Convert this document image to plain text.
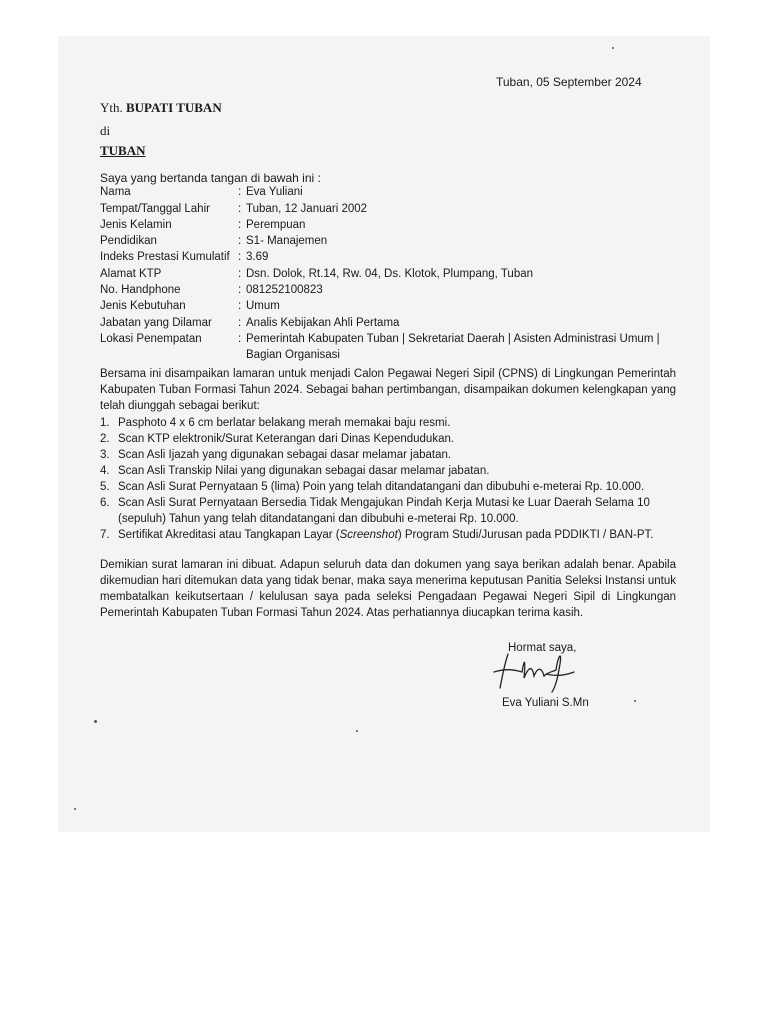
Tuban, 05 September 2024

Yth. BUPATI TUBAN

di

TUBAN

Saya yang bertanda tangan di bawah ini :

Nama	: Eva Yuliani
Tempat/Tanggal Lahir : Tuban, 12 Januari 2002
Jenis Kelamin	: Perempuan
Pendidikan	: S1- Manajemen
Indeks Prestasi Kumulatif : 3.69
Alamat KTP	: Dsn. Dolok, Rt.14, Rw. 04, Ds. Klotok, Plumpang, Tuban
No. Handphone	: 081252100823
Jenis Kebutuhan	: Umum
Jabatan yang Dilamar : Analis Kebijakan Ahli Pertama
Lokasi Penempatan	: Pemerintah Kabupaten Tuban | Sekretariat Daerah | Asisten Administrasi Umum |
Bagian Organisasi
Bersama ini disampaikan lamaran untuk menjadi Calon Pegawai Negeri Sipil (CPNS) di Lingkungan Pemerintah Kabupaten Tuban Formasi Tahun 2024. Sebagai bahan pertimbangan, disampaikan dokumen kelengkapan yang telah diunggah sebagai berikut:
1. Pasphoto 4 x 6 cm berlatar belakang merah memakai baju resmi.
2. Scan KTP elektronik/Surat Keterangan dari Dinas Kependudukan.
3. Scan Asli Ijazah yang digunakan sebagai dasar melamar jabatan.
4. Scan Asli Transkip Nilai yang digunakan sebagai dasar melamar jabatan.
5. Scan Asli Surat Pernyataan 5 (lima) Poin yang telah ditandatangani dan dibubuhi e-meterai Rp. 10.000.
6. Scan Asli Surat Pernyataan Bersedia Tidak Mengajukan Pindah Kerja Mutasi ke Luar Daerah Selama 10 (sepuluh) Tahun yang telah ditandatangani dan dibubuhi e-meterai Rp. 10.000.
7. Sertifikat Akreditasi atau Tangkapan Layar (Screenshot) Program Studi/Jurusan pada PDDIKTI / BAN-PT.
Demikian surat lamaran ini dibuat. Adapun seluruh data dan dokumen yang saya berikan adalah benar. Apabila dikemudian hari ditemukan data yang tidak benar, maka saya menerima keputusan Panitia Seleksi Instansi untuk membatalkan keikutsertaan / kelulusan saya pada seleksi Pengadaan Pegawai Negeri Sipil di Lingkungan Pemerintah Kabupaten Tuban Formasi Tahun 2024. Atas perhatiannya diucapkan terima kasih.

Hormat saya,

Eva Yuliani S.Mn
